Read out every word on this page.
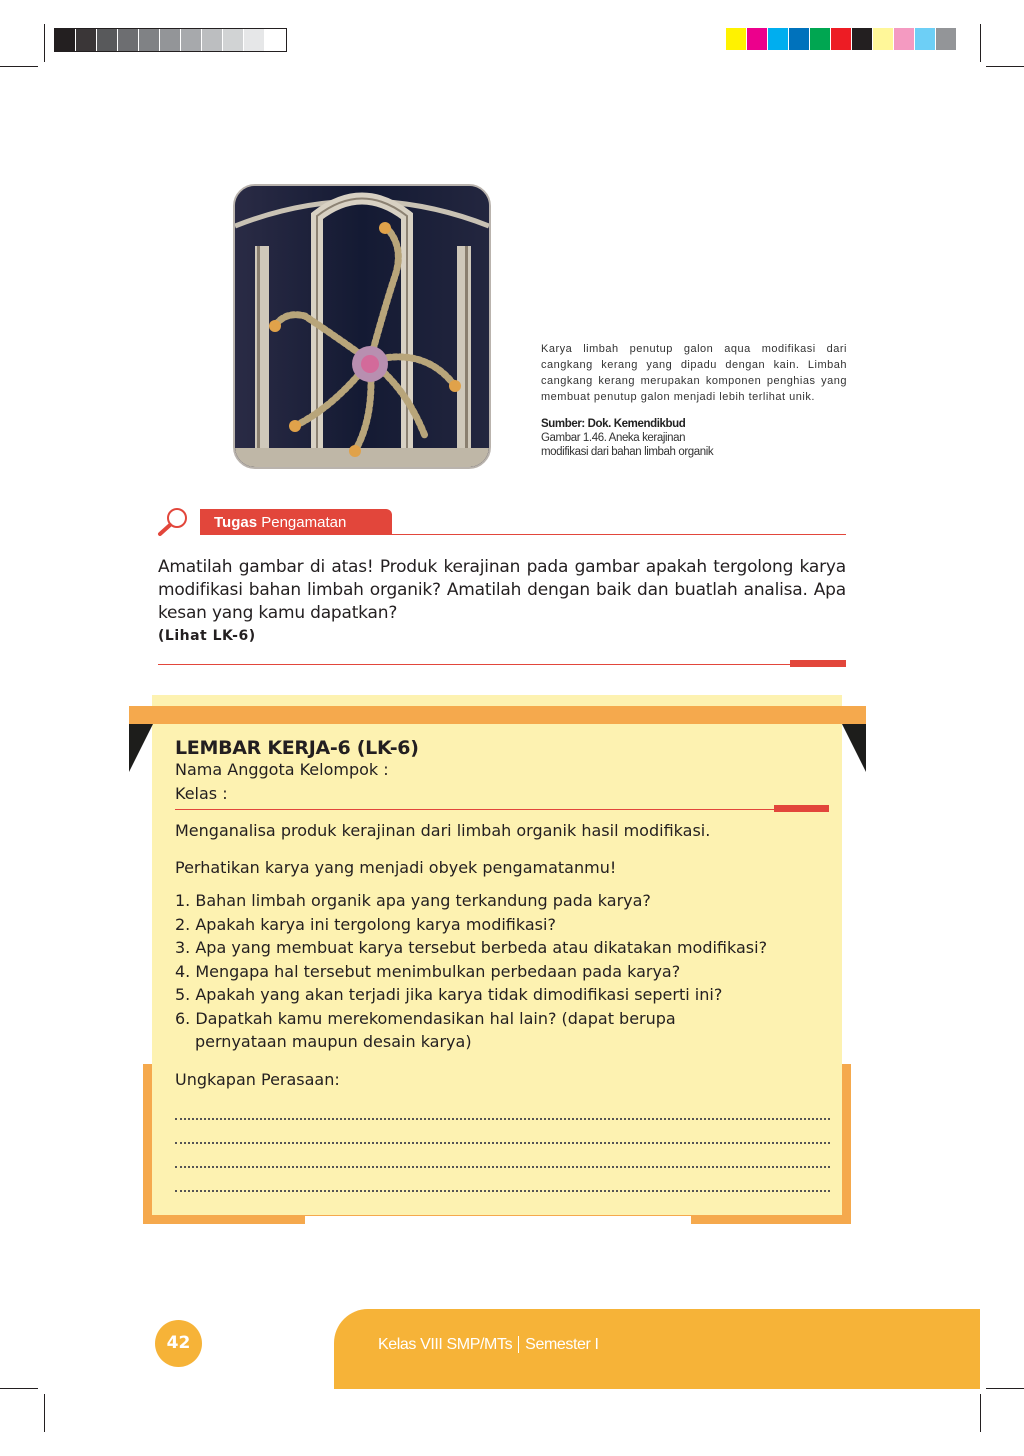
Karya limbah penutup galon aqua modifikasi dari cangkang kerang yang dipadu dengan kain. Limbah cangkang kerang merupakan komponen penghias yang membuat penutup galon menjadi lebih terlihat unik.
Sumber: Dok. Kemendikbud
Gambar 1.46. Aneka kerajinan
modifikasi dari bahan limbah organik
Tugas Pengamatan
Amatilah gambar di atas! Produk kerajinan pada gambar apakah tergolong karya modifikasi bahan limbah organik? Amatilah dengan baik dan buatlah analisa. Apa kesan yang kamu dapatkan?
(Lihat LK-6)
LEMBAR KERJA-6 (LK-6)
Nama Anggota Kelompok :
Kelas :
Menganalisa produk kerajinan dari limbah organik hasil modifikasi.
Perhatikan karya yang menjadi obyek pengamatanmu!
1. Bahan limbah organik apa yang terkandung pada karya?
2. Apakah karya ini tergolong karya modifikasi?
3. Apa yang membuat karya tersebut berbeda atau dikatakan modifikasi?
4. Mengapa hal tersebut menimbulkan perbedaan pada karya?
5. Apakah yang akan terjadi jika karya tidak dimodifikasi seperti ini?
6. Dapatkah kamu merekomendasikan hal lain? (dapat berupa
pernyataan maupun desain karya)
Ungkapan Perasaan:
Kelas VIII SMP/MTs Semester I
42
